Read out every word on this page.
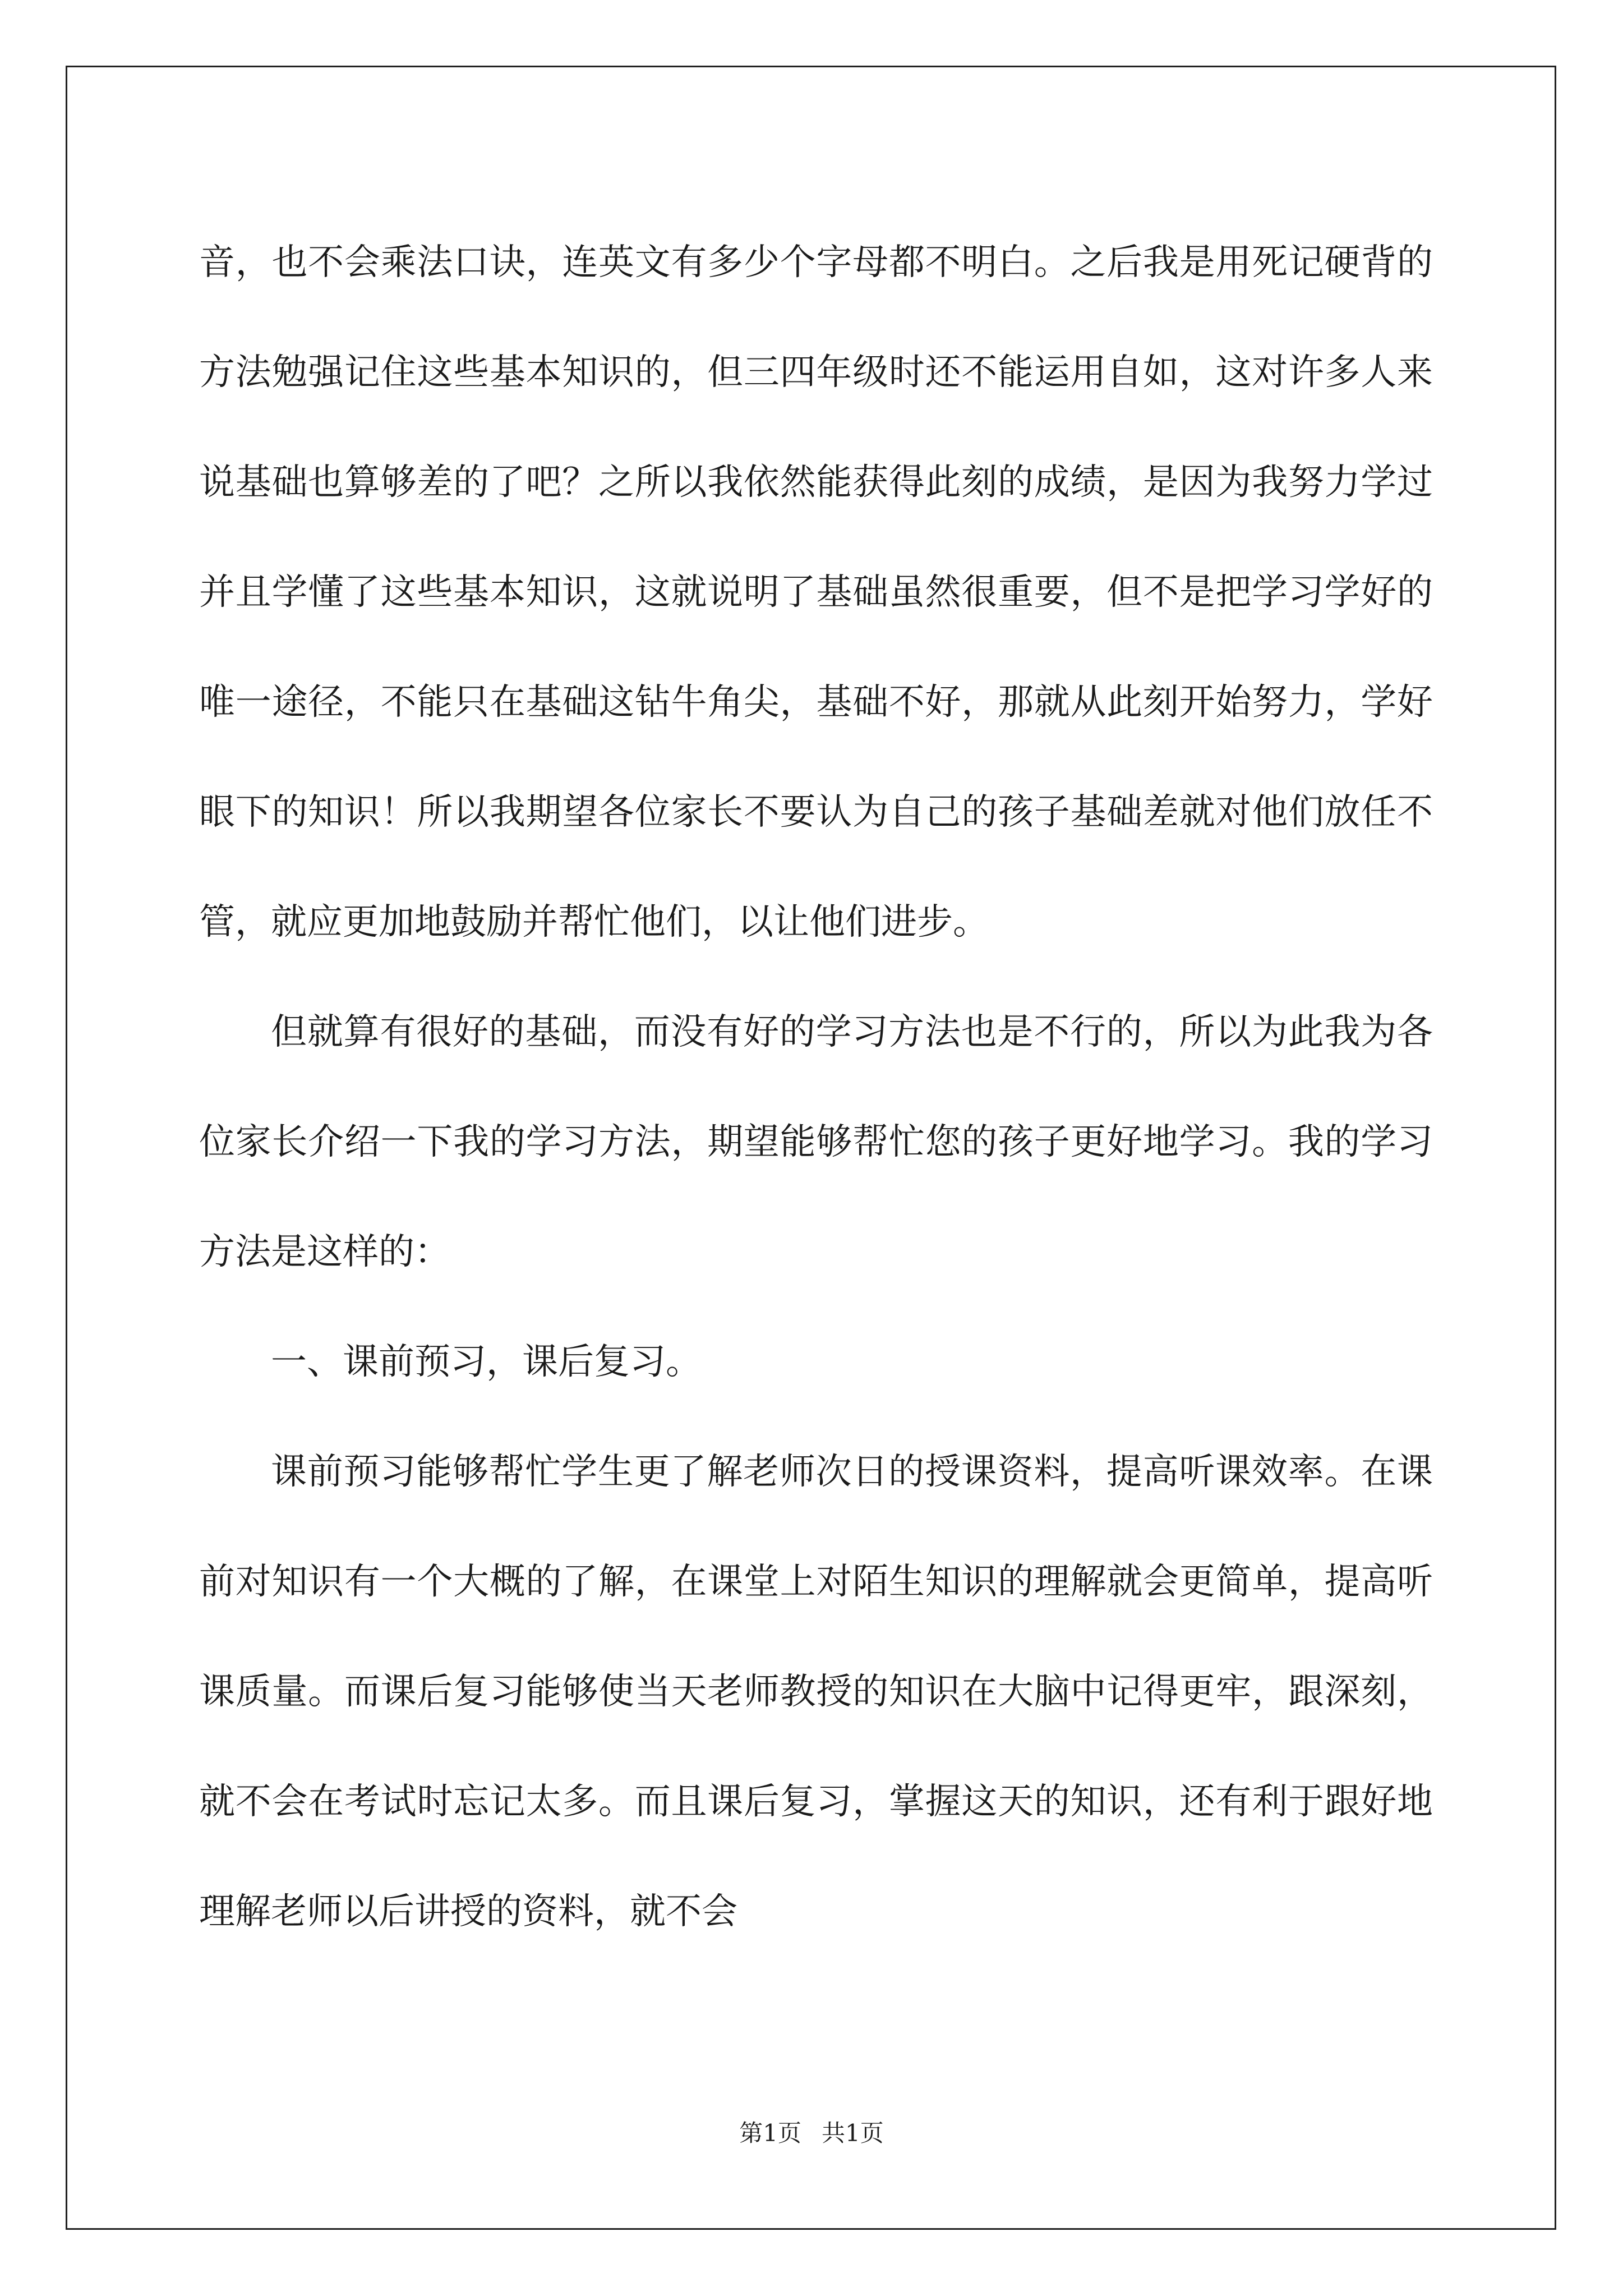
音，也不会乘法口诀，连英文有多少个字母都不明白。之后我是用死记硬背的方法勉强记住这些基本知识的，但三四年级时还不能运用自如，这对许多人来说基础也算够差的了吧？之所以我依然能获得此刻的成绩，是因为我努力学过并且学懂了这些基本知识，这就说明了基础虽然很重要，但不是把学习学好的唯一途径，不能只在基础这钻牛角尖，基础不好，那就从此刻开始努力，学好眼下的知识！所以我期望各位家长不要认为自己的孩子基础差就对他们放任不管，就应更加地鼓励并帮忙他们，以让他们进步。

但就算有很好的基础，而没有好的学习方法也是不行的，所以为此我为各位家长介绍一下我的学习方法，期望能够帮忙您的孩子更好地学习。我的学习方法是这样的：

一、课前预习，课后复习。

课前预习能够帮忙学生更了解老师次日的授课资料，提高听课效率。在课前对知识有一个大概的了解，在课堂上对陌生知识的理解就会更简单，提高听课质量。而课后复习能够使当天老师教授的知识在大脑中记得更牢，跟深刻，就不会在考试时忘记太多。而且课后复习，掌握这天的知识，还有利于跟好地理解老师以后讲授的资料，就不会

第1页 共1页
